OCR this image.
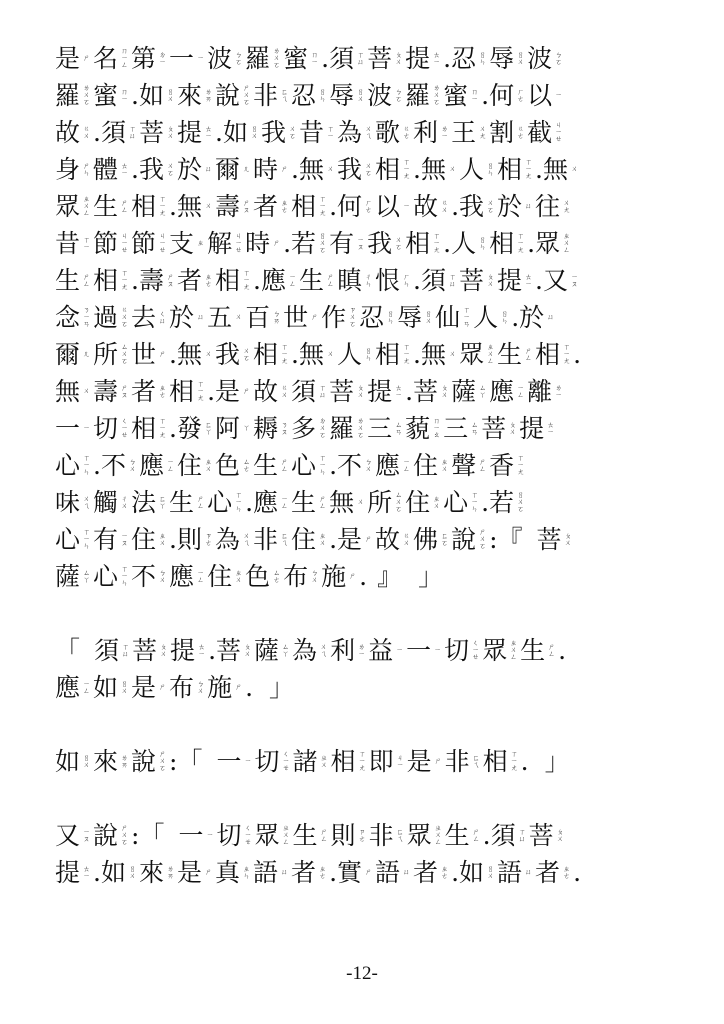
是 ㄕ 名 ㄇ
ㄧ
ㄥ 第 ㄉ
ㄧ 一 ㄧ 波 ㄅ
ㄛ 羅 ㄌ
ㄨ
ㄛ 蜜 ㄇ
ㄧ . 須 ㄒ
ㄩ 菩 ㄆ
ㄨ 提 ㄊ
ㄧ . 忍 ㄖ
ㄣ 辱 ㄖ
ㄨ 波 ㄅ
ㄛ
羅 ㄌ
ㄨ
ㄛ 蜜 ㄇ
ㄧ . 如 ㄖ
ㄨ 來 ㄌ
ㄞ 說 ㄕ
ㄨ
ㄛ 非 ㄈ
ㄟ 忍 ㄖ
ㄣ 辱 ㄖ
ㄨ 波 ㄅ
ㄛ 羅 ㄌ
ㄨ
ㄛ 蜜 ㄇ
ㄧ . 何 ㄏ
ㄜ 以 ㄧ
故 ㄍ
ㄨ . 須 ㄒ
ㄩ 菩 ㄆ
ㄨ 提 ㄊ
ㄧ . 如 ㄖ
ㄨ 我 ㄨ
ㄛ 昔 ㄒ
ㄧ 為 ㄨ
ㄟ 歌 ㄍ
ㄜ 利 ㄌ
ㄧ 王 ㄨ
ㄤ 割 ㄍ
ㄜ 截 ㄐ
ㄧ
ㄝ
身 ㄕ
ㄣ 體 ㄊ
ㄧ . 我 ㄨ
ㄛ 於 ㄩ 爾 ㄦ 時 ㄕ . 無 ㄨ 我 ㄨ
ㄛ 相 ㄒ
ㄧ
ㄤ . 無 ㄨ 人 ㄖ
ㄣ 相 ㄒ
ㄧ
ㄤ . 無 ㄨ
眾 ㄓ
ㄨ
ㄥ 生 ㄕ
ㄥ 相 ㄒ
ㄧ
ㄤ . 無 ㄨ 壽 ㄕ
ㄡ 者 ㄓ
ㄜ 相 ㄒ
ㄧ
ㄤ . 何 ㄏ
ㄜ 以 ㄧ 故 ㄍ
ㄨ . 我 ㄨ
ㄛ 於 ㄩ 往 ㄨ
ㄤ
昔 ㄒ
ㄧ 節 ㄐ
ㄧ
ㄝ 節 ㄐ
ㄧ
ㄝ 支 ㄓ 解 ㄐ
ㄧ
ㄝ 時 ㄕ . 若 ㄖ
ㄨ
ㄛ 有 ㄧ
ㄡ 我 ㄨ
ㄛ 相 ㄒ
ㄧ
ㄤ . 人 ㄖ
ㄣ 相 ㄒ
ㄧ
ㄤ . 眾 ㄓ
ㄨ
ㄥ
生 ㄕ
ㄥ 相 ㄒ
ㄧ
ㄤ . 壽 ㄕ
ㄡ 者 ㄓ
ㄜ 相 ㄒ
ㄧ
ㄤ . 應 ㄧ
ㄥ 生 ㄕ
ㄥ 瞋 ㄔ
ㄣ 恨 ㄏ
ㄣ . 須 ㄒ
ㄩ 菩 ㄆ
ㄨ 提 ㄊ
ㄧ . 又 ㄧ
ㄡ
念 ㄋ
ㄧ
ㄢ 過 ㄍ
ㄨ
ㄛ 去 ㄑ
ㄩ 於 ㄩ 五 ㄨ 百 ㄅ
ㄞ 世 ㄕ 作 ㄗ
ㄨ
ㄛ 忍 ㄖ
ㄣ 辱 ㄖ
ㄨ 仙 ㄒ
ㄧ
ㄢ 人 ㄖ
ㄣ . 於 ㄩ
爾 ㄦ 所 ㄙ
ㄨ
ㄛ 世 ㄕ . 無 ㄨ 我 ㄨ
ㄛ 相 ㄒ
ㄧ
ㄤ . 無 ㄨ 人 ㄖ
ㄣ 相 ㄒ
ㄧ
ㄤ . 無 ㄨ 眾 ㄓ
ㄨ
ㄥ 生 ㄕ
ㄥ 相 ㄒ
ㄧ
ㄤ .
無 ㄨ 壽 ㄕ
ㄡ 者 ㄓ
ㄜ 相 ㄒ
ㄧ
ㄤ . 是 ㄕ 故 ㄍ
ㄨ 須 ㄒ
ㄩ 菩 ㄆ
ㄨ 提 ㄊ
ㄧ . 菩 ㄆ
ㄨ 薩 ㄙ
ㄚ 應 ㄧ
ㄥ 離 ㄌ
ㄧ
一 ㄧ 切 ㄑ
ㄧ
ㄝ 相 ㄒ
ㄧ
ㄤ . 發 ㄈ
ㄚ 阿 ㄚ 耨 ㄋ
ㄡ 多 ㄉ
ㄨ
ㄛ 羅 ㄌ
ㄨ
ㄛ 三 ㄙ
ㄢ 藐 ㄇ
ㄧ
ㄠ 三 ㄙ
ㄢ 菩 ㄆ
ㄨ 提 ㄊ
ㄧ
心 ㄒ
ㄧ
ㄣ . 不 ㄅ
ㄨ 應 ㄧ
ㄥ 住 ㄓ
ㄨ 色 ㄙ
ㄜ 生 ㄕ
ㄥ 心 ㄒ
ㄧ
ㄣ . 不 ㄅ
ㄨ 應 ㄧ
ㄥ 住 ㄓ
ㄨ 聲 ㄕ
ㄥ 香 ㄒ
ㄧ
ㄤ
味 ㄨ
ㄟ 觸 ㄔ
ㄨ 法 ㄈ
ㄚ 生 ㄕ
ㄥ 心 ㄒ
ㄧ
ㄣ . 應 ㄧ
ㄥ 生 ㄕ
ㄥ 無 ㄨ 所 ㄙ
ㄨ
ㄛ 住 ㄓ
ㄨ 心 ㄒ
ㄧ
ㄣ . 若 ㄖ
ㄨ
ㄛ
心 ㄒ
ㄧ
ㄣ 有 ㄧ
ㄡ 住 ㄓ
ㄨ . 則 ㄗ
ㄜ 為 ㄨ
ㄟ 非 ㄈ
ㄟ 住 ㄓ
ㄨ . 是 ㄕ 故 ㄍ
ㄨ 佛 ㄈ
ㄛ 說 ㄕ
ㄨ
ㄛ : 『 菩 ㄆ
ㄨ
薩 ㄙ
ㄚ 心 ㄒ
ㄧ
ㄣ 不 ㄅ
ㄨ 應 ㄧ
ㄥ 住 ㄓ
ㄨ 色 ㄙ
ㄜ 布 ㄅ
ㄨ 施 ㄕ . 』 」
「 須 ㄒ
ㄩ 菩 ㄆ
ㄨ 提 ㄊ
ㄧ . 菩 ㄆ
ㄨ 薩 ㄙ
ㄚ 為 ㄨ
ㄟ 利 ㄌ
ㄧ 益 ㄧ 一 ㄧ 切 ㄑ
ㄧ
ㄝ 眾 ㄓ
ㄨ
ㄥ 生 ㄕ
ㄥ .
應 ㄧ
ㄥ 如 ㄖ
ㄨ 是 ㄕ 布 ㄅ
ㄨ 施 ㄕ . 」
如 ㄖ
ㄨ 來 ㄌ
ㄞ 說 ㄕ
ㄨ
ㄛ : 「 一 ㄧ 切 ㄑ
ㄧ
ㄝ 諸 ㄓ
ㄨ 相 ㄒ
ㄧ
ㄤ 即 ㄐ
ㄧ 是 ㄕ 非 ㄈ
ㄟ 相 ㄒ
ㄧ
ㄤ . 」
又 ㄧ
ㄡ 說 ㄕ
ㄨ
ㄛ : 「 一 ㄧ 切 ㄑ
ㄧ
ㄝ 眾 ㄓ
ㄨ
ㄥ 生 ㄕ
ㄥ 則 ㄗ
ㄜ 非 ㄈ
ㄟ 眾 ㄓ
ㄨ
ㄥ 生 ㄕ
ㄥ . 須 ㄒ
ㄩ 菩 ㄆ
ㄨ
提 ㄊ
ㄧ . 如 ㄖ
ㄨ 來 ㄌ
ㄞ 是 ㄕ 真 ㄓ
ㄣ 語 ㄩ 者 ㄓ
ㄜ . 實 ㄕ 語 ㄩ 者 ㄓ
ㄜ . 如 ㄖ
ㄨ 語 ㄩ 者 ㄓ
ㄜ .
-12-
